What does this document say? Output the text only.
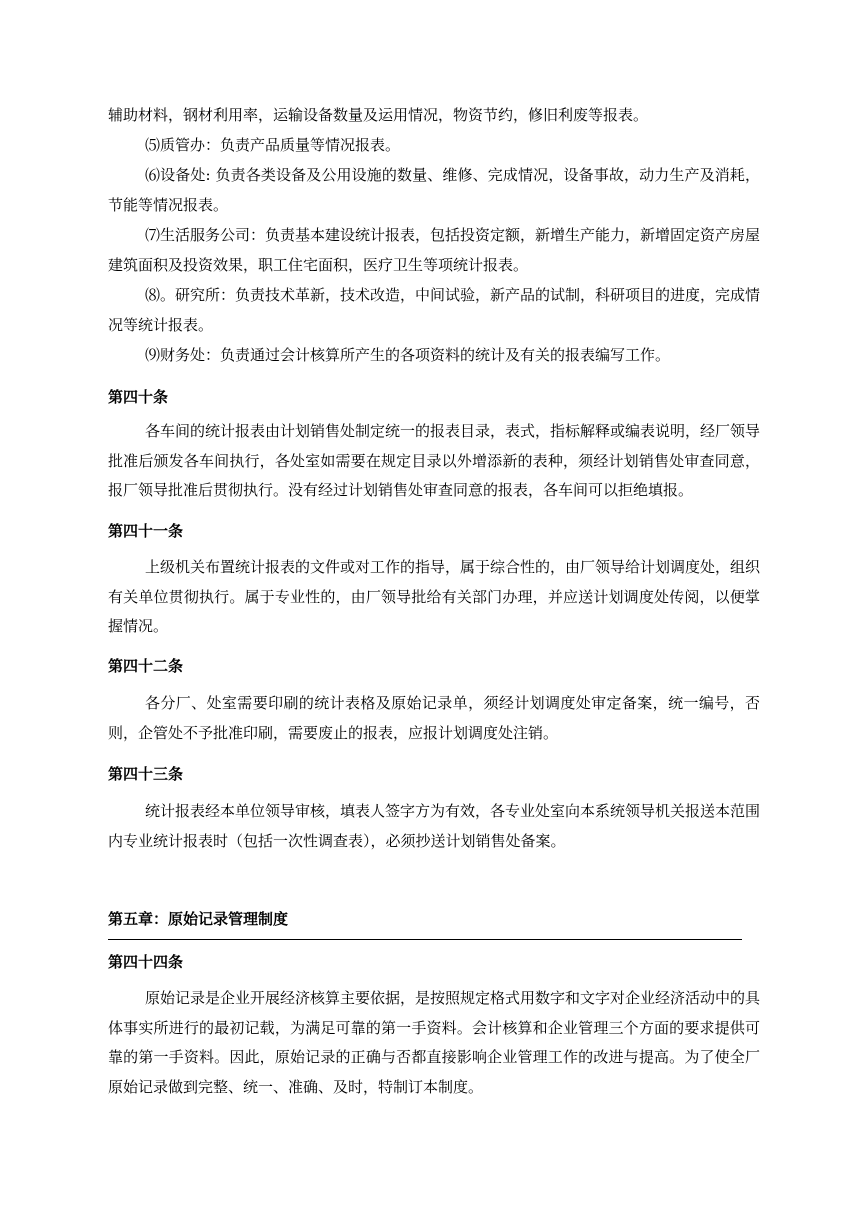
辅助材料，钢材利用率，运输设备数量及运用情况，物资节约，修旧利废等报表。

⑸质管办：负责产品质量等情况报表。

⑹设备处: 负责各类设备及公用设施的数量、维修、完成情况，设备事故，动力生产及消耗，节能等情况报表。

⑺生活服务公司：负责基本建设统计报表，包括投资定额，新增生产能力，新增固定资产房屋建筑面积及投资效果，职工住宅面积，医疗卫生等项统计报表。

⑻。研究所：负责技术革新，技术改造，中间试验，新产品的试制，科研项目的进度，完成情况等统计报表。

⑼财务处：负责通过会计核算所产生的各项资料的统计及有关的报表编写工作。

第四十条

各车间的统计报表由计划销售处制定统一的报表目录，表式，指标解释或编表说明，经厂领导批准后颁发各车间执行，各处室如需要在规定目录以外增添新的表种，须经计划销售处审查同意，报厂领导批准后贯彻执行。没有经过计划销售处审查同意的报表，各车间可以拒绝填报。

第四十一条

上级机关布置统计报表的文件或对工作的指导，属于综合性的，由厂领导给计划调度处，组织有关单位贯彻执行。属于专业性的，由厂领导批给有关部门办理，并应送计划调度处传阅，以便掌握情况。

第四十二条

各分厂、处室需要印刷的统计表格及原始记录单，须经计划调度处审定备案，统一编号，否则，企管处不予批准印刷，需要废止的报表，应报计划调度处注销。

第四十三条

统计报表经本单位领导审核，填表人签字方为有效，各专业处室向本系统领导机关报送本范围内专业统计报表时（包括一次性调查表），必须抄送计划销售处备案。

第五章：原始记录管理制度
第四十四条

原始记录是企业开展经济核算主要依据，是按照规定格式用数字和文字对企业经济活动中的具体事实所进行的最初记载，为满足可靠的第一手资料。会计核算和企业管理三个方面的要求提供可靠的第一手资料。因此，原始记录的正确与否都直接影响企业管理工作的改进与提高。为了使全厂原始记录做到完整、统一、准确、及时，特制订本制度。
